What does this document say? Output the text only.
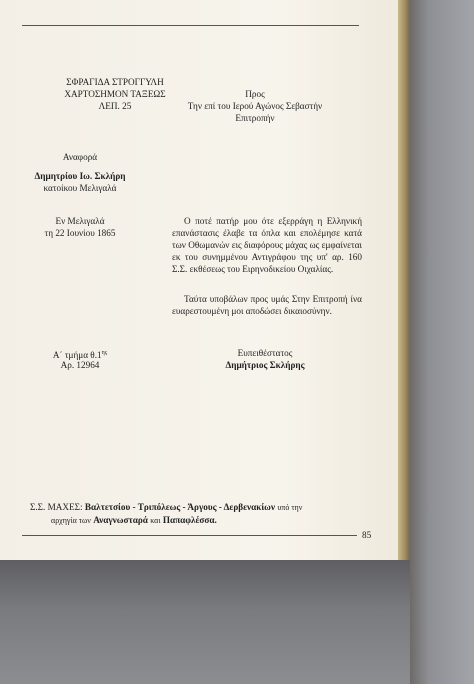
ΣΦΡΑΓΙΔΑ ΣΤΡΟΓΓΥΛΗ
ΧΑΡΤΟΣΗΜΟΝ ΤΑΞΕΩΣ
ΛΕΠ. 25
Προς
Την επί του Ιερού Αγώνος Σεβαστήν
Επιτροπήν
Αναφορά
Δημητρίου Ιω. Σκλήρη
κατοίκου Μελιγαλά
Εν Μελιγαλά
τη 22 Ιουνίου 1865
Ο ποτέ πατήρ μου ότε εξερράγη η Ελληνική επανάστασις έλαβε τα όπλα και επολέμησε κατά των Οθωμανών εις διαφόρους μάχας ως εμφαίνεται εκ του συνημμένου Αντιγράφου της υπ' αρ. 160 Σ.Σ. εκθέσεως του Ειρηνοδικείου Οιχαλίας.
Ταύτα υποβάλων προς υμάς Στην Επιτροπή ίνα ευαρεστουμένη μοι αποδώσει δικαιοσύνην.
Α΄ τμήμα $\theta.1^{\eta\varsigma}$
Αρ. 12964
Ευπειθέστατος
Δημήτριος Σκλήρης
Σ.Σ. ΜΑΧΕΣ: Βαλτετσίου - Τριπόλεως - Άργους - Δερβενακίων υπό την
αρχηγία των Αναγνωσταρά και Παπαφλέσσα.
85
